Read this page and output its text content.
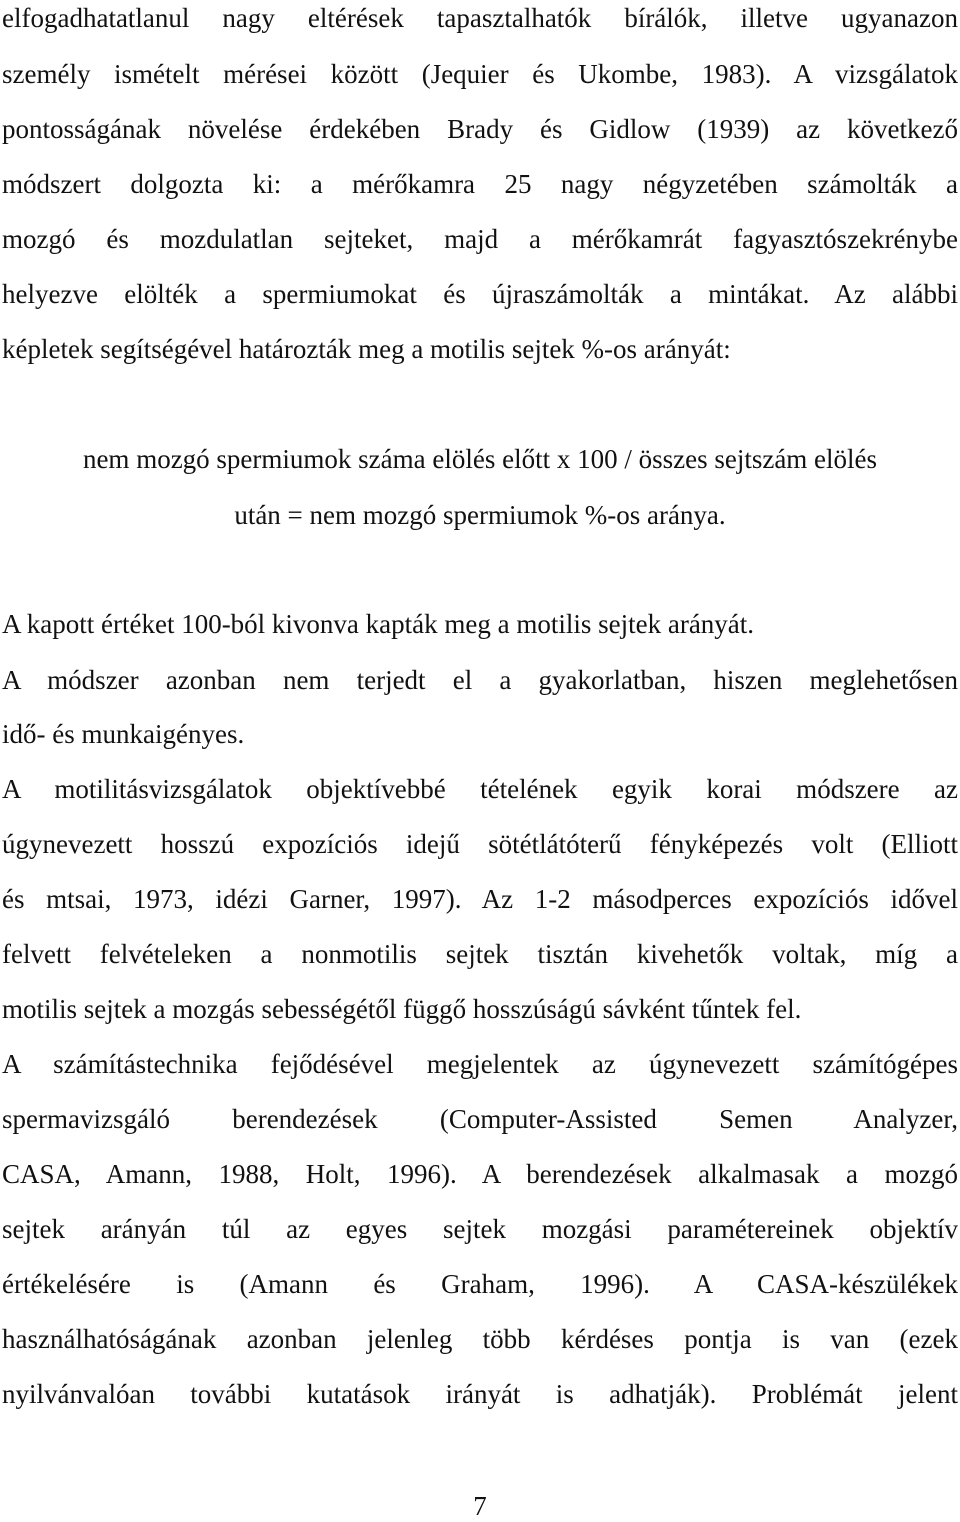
elfogadhatatlanul nagy eltérések tapasztalhatók bírálók, illetve ugyanazon
személy ismételt mérései között (Jequier és Ukombe, 1983). A vizsgálatok
pontosságának növelése érdekében Brady és Gidlow (1939) az következő
módszert dolgozta ki: a mérőkamra 25 nagy négyzetében számolták a
mozgó és mozdulatlan sejteket, majd a mérőkamrát fagyasztószekrénybe
helyezve elölték a spermiumokat és újraszámolták a mintákat. Az alábbi
képletek segítségével határozták meg a motilis sejtek %-os arányát:
nem mozgó spermiumok száma elölés előtt x 100 / összes sejtszám elölés
után = nem mozgó spermiumok %-os aránya.
A kapott értéket 100-ból kivonva kapták meg a motilis sejtek arányát.
A módszer azonban nem terjedt el a gyakorlatban, hiszen meglehetősen
idő- és munkaigényes.
A motilitásvizsgálatok objektívebbé tételének egyik korai módszere az
úgynevezett hosszú expozíciós idejű sötétlátóterű fényképezés volt (Elliott
és mtsai, 1973, idézi Garner, 1997). Az 1-2 másodperces expozíciós idővel
felvett felvételeken a nonmotilis sejtek tisztán kivehetők voltak, míg a
motilis sejtek a mozgás sebességétől függő hosszúságú sávként tűntek fel.
A számítástechnika fejődésével megjelentek az úgynevezett számítógépes
spermavizsgáló berendezések (Computer-Assisted Semen Analyzer,
CASA, Amann, 1988, Holt, 1996). A berendezések alkalmasak a mozgó
sejtek arányán túl az egyes sejtek mozgási paramétereinek objektív
értékelésére is (Amann és Graham, 1996). A CASA-készülékek
használhatóságának azonban jelenleg több kérdéses pontja is van (ezek
nyilvánvalóan további kutatások irányát is adhatják). Problémát jelent
7
